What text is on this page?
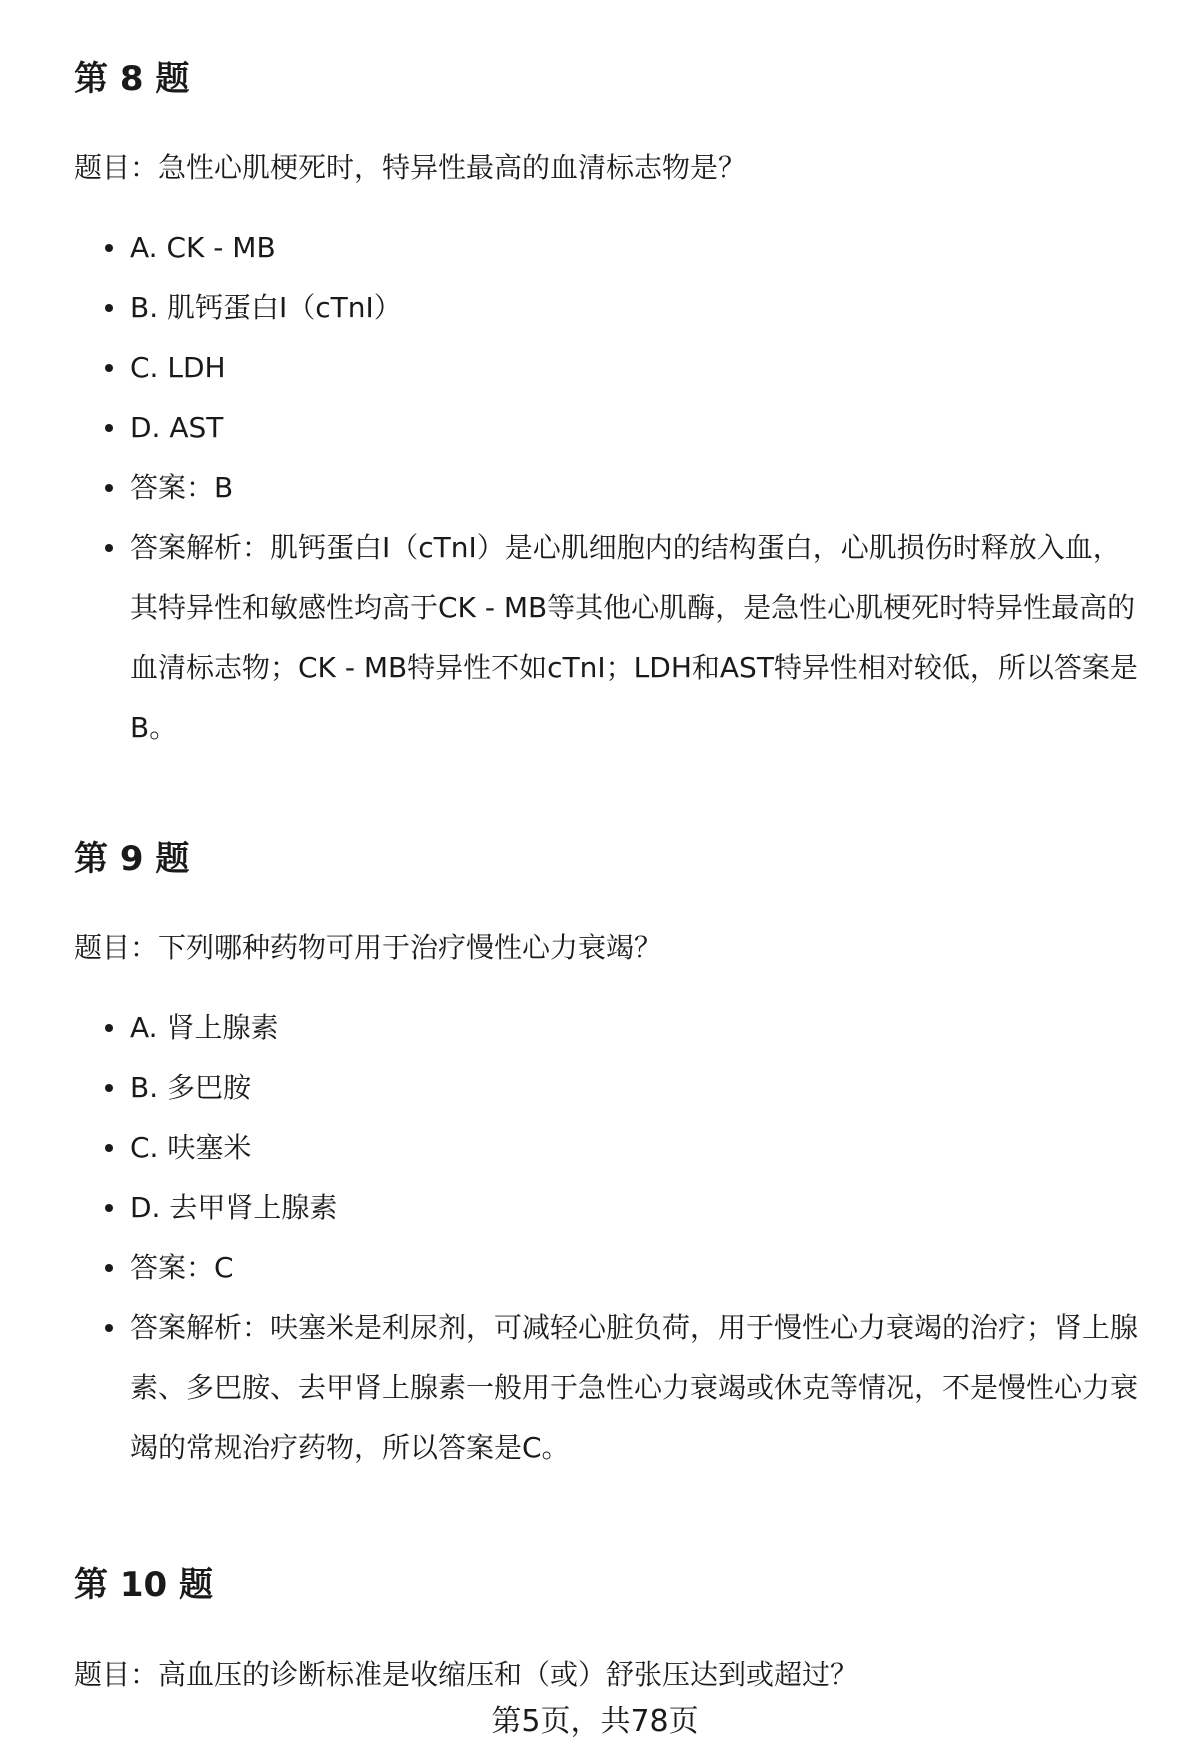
第 8 题

题目：急性心肌梗死时，特异性最高的血清标志物是？

A. CK - MB
B. 肌钙蛋白I（cTnI）
C. LDH
D. AST
答案：B
答案解析：肌钙蛋白I（cTnI）是心肌细胞内的结构蛋白，心肌损伤时释放入血，其特异性和敏感性均高于CK - MB等其他心肌酶，是急性心肌梗死时特异性最高的血清标志物；CK - MB特异性不如cTnI；LDH和AST特异性相对较低，所以答案是B。
第 9 题

题目：下列哪种药物可用于治疗慢性心力衰竭？

A. 肾上腺素
B. 多巴胺
C. 呋塞米
D. 去甲肾上腺素
答案：C
答案解析：呋塞米是利尿剂，可减轻心脏负荷，用于慢性心力衰竭的治疗；肾上腺素、多巴胺、去甲肾上腺素一般用于急性心力衰竭或休克等情况，不是慢性心力衰竭的常规治疗药物，所以答案是C。
第 10 题

题目：高血压的诊断标准是收缩压和（或）舒张压达到或超过？

第5页，共78页
